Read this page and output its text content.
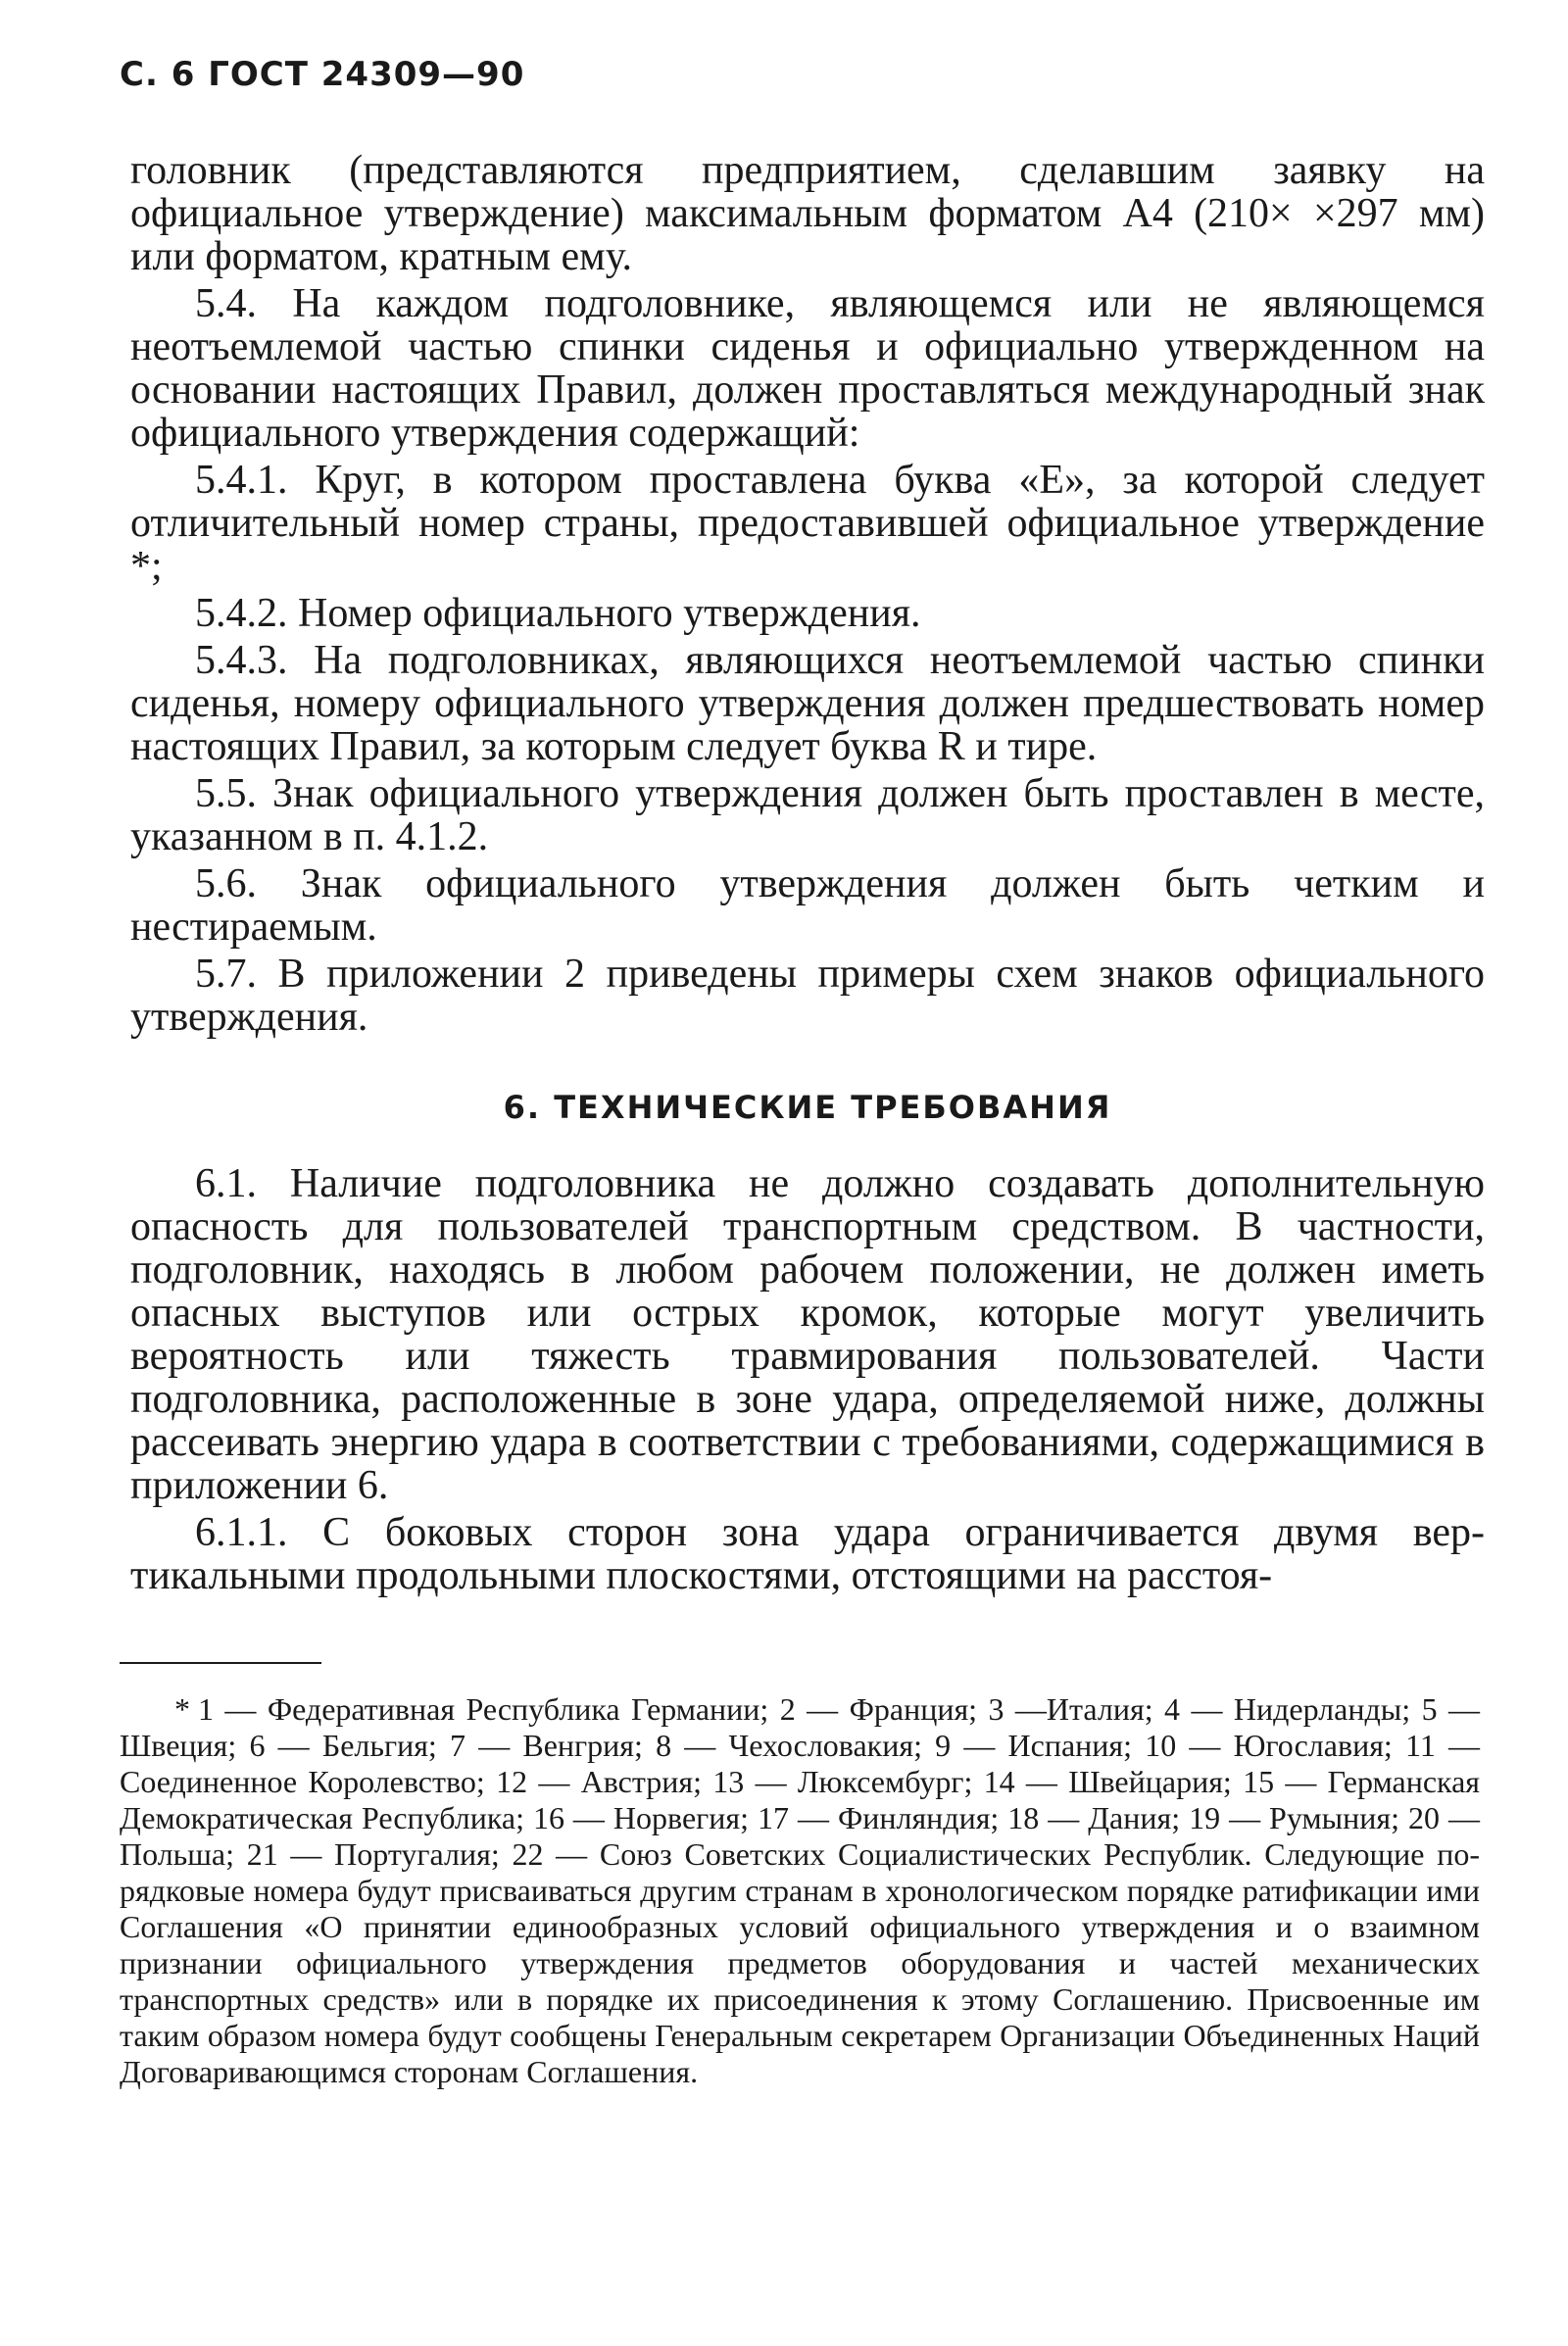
С. 6 ГОСТ 24309—90

головник (представляются предприятием, сделавшим заявку на официальное утверждение) максимальным форматом А4 (210× ×297 мм) или форматом, кратным ему.

5.4. На каждом подголовнике, являющемся или не являющемся неотъемлемой частью спинки сиденья и официально утвержденном на основании настоящих Правил, должен проставляться международный знак официального утверждения содержащий:

5.4.1. Круг, в котором проставлена буква «Е», за которой следует отличительный номер страны, предоставившей официальное утверждение *;

5.4.2. Номер официального утверждения.

5.4.3. На подголовниках, являющихся неотъемлемой частью спинки сиденья, номеру официального утверждения должен предшествовать номер настоящих Правил, за которым следует буква R и тире.

5.5. Знак официального утверждения должен быть проставлен в месте, указанном в п. 4.1.2.

5.6. Знак официального утверждения должен быть четким и нестираемым.

5.7. В приложении 2 приведены примеры схем знаков официального утверждения.

6. ТЕХНИЧЕСКИЕ ТРЕБОВАНИЯ

6.1. Наличие подголовника не должно создавать дополнительную опасность для пользователей транспортным средством. В частности, подголовник, находясь в любом рабочем положении, не должен иметь опасных выступов или острых кромок, которые могут увеличить вероятность или тяжесть травмирования пользователей. Части подголовника, расположенные в зоне удара, определяемой ниже, должны рассеивать энергию удара в соответствии с требованиями, содержащимися в приложении 6.

6.1.1. С боковых сторон зона удара ограничивается двумя вертикальными продольными плоскостями, отстоящими на расстоя-

* 1 — Федеративная Республика Германии; 2 — Франция; 3 —Италия; 4 — Нидерланды; 5 — Швеция; 6 — Бельгия; 7 — Венгрия; 8 — Чехословакия; 9 — Испания; 10 — Югославия; 11 — Соединенное Королевство; 12 — Австрия; 13 — Люксембург; 14 — Швейцария; 15 — Германская Демократическая Республика; 16 — Норвегия; 17 — Финляндия; 18 — Дания; 19 — Румыния; 20 — Польша; 21 — Португалия; 22 — Союз Советских Социалистических Республик. Следующие порядковые номера будут присваиваться другим странам в хронологическом порядке ратификации ими Соглашения «О принятии единообразных условий официального утверждения и о взаимном признании официального утверждения предметов оборудования и частей механических транспортных средств» или в порядке их присоединения к этому Соглашению. Присвоенные им таким образом номера будут сообщены Генеральным секретарем Организации Объединенных Наций Договаривающимся сторонам Соглашения.
